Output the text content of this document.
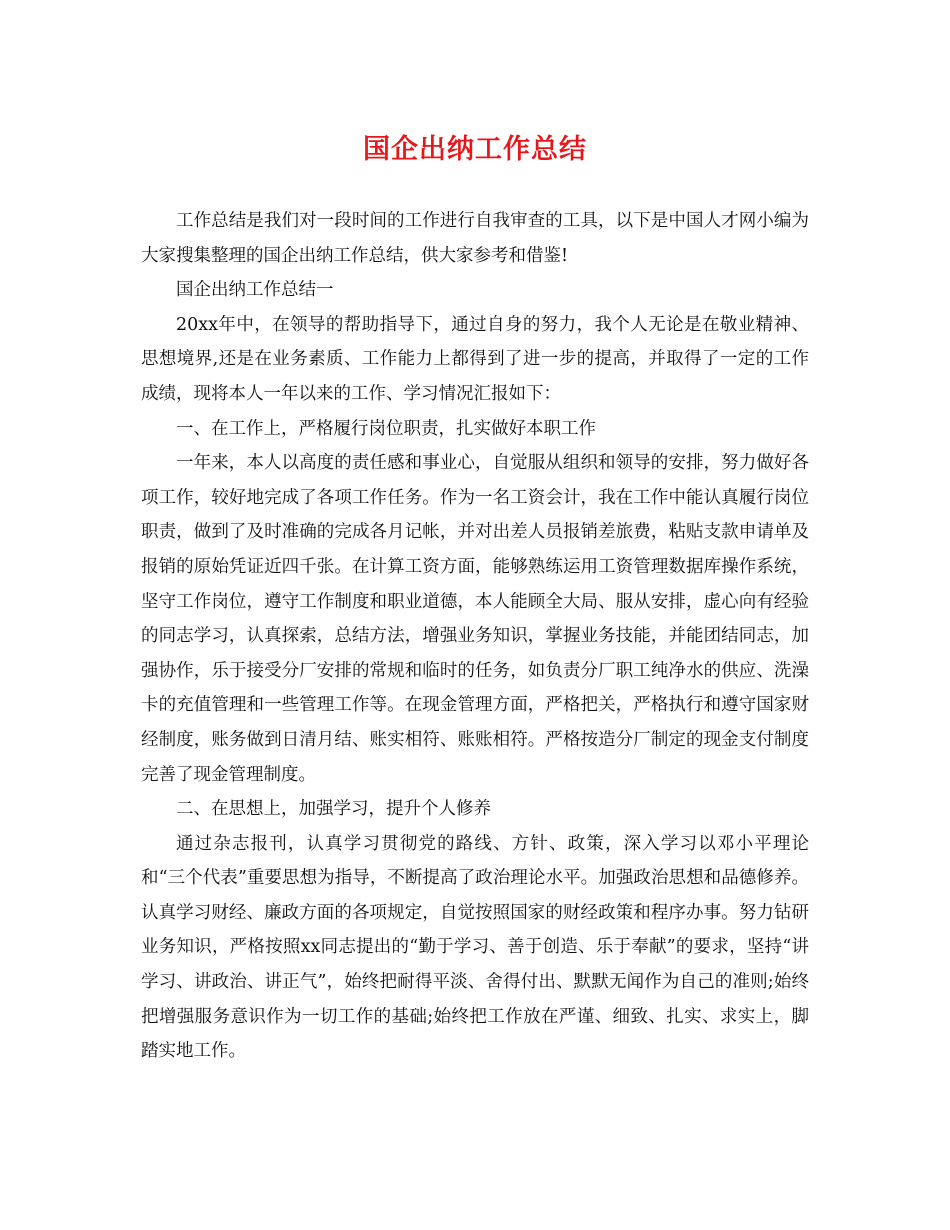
国企出纳工作总结

工作总结是我们对一段时间的工作进行自我审查的工具，以下是中国人才网小编为大家搜集整理的国企出纳工作总结，供大家参考和借鉴!

国企出纳工作总结一

20xx年中，在领导的帮助指导下，通过自身的努力，我个人无论是在敬业精神、思想境界,还是在业务素质、工作能力上都得到了进一步的提高，并取得了一定的工作成绩，现将本人一年以来的工作、学习情况汇报如下：

一、在工作上，严格履行岗位职责，扎实做好本职工作

一年来，本人以高度的责任感和事业心，自觉服从组织和领导的安排，努力做好各项工作，较好地完成了各项工作任务。作为一名工资会计，我在工作中能认真履行岗位职责，做到了及时准确的完成各月记帐，并对出差人员报销差旅费，粘贴支款申请单及报销的原始凭证近四千张。在计算工资方面，能够熟练运用工资管理数据库操作系统，坚守工作岗位，遵守工作制度和职业道德，本人能顾全大局、服从安排，虚心向有经验的同志学习，认真探索，总结方法，增强业务知识，掌握业务技能，并能团结同志，加强协作，乐于接受分厂安排的常规和临时的任务，如负责分厂职工纯净水的供应、洗澡卡的充值管理和一些管理工作等。在现金管理方面，严格把关，严格执行和遵守国家财经制度，账务做到日清月结、账实相符、账账相符。严格按造分厂制定的现金支付制度完善了现金管理制度。

二、在思想上，加强学习，提升个人修养

通过杂志报刊，认真学习贯彻党的路线、方针、政策，深入学习以邓小平理论和“三个代表”重要思想为指导，不断提高了政治理论水平。加强政治思想和品德修养。认真学习财经、廉政方面的各项规定，自觉按照国家的财经政策和程序办事。努力钻研业务知识，严格按照xx同志提出的“勤于学习、善于创造、乐于奉献”的要求，坚持“讲学习、讲政治、讲正气”，始终把耐得平淡、舍得付出、默默无闻作为自己的准则;始终把增强服务意识作为一切工作的基础;始终把工作放在严谨、细致、扎实、求实上，脚踏实地工作。
